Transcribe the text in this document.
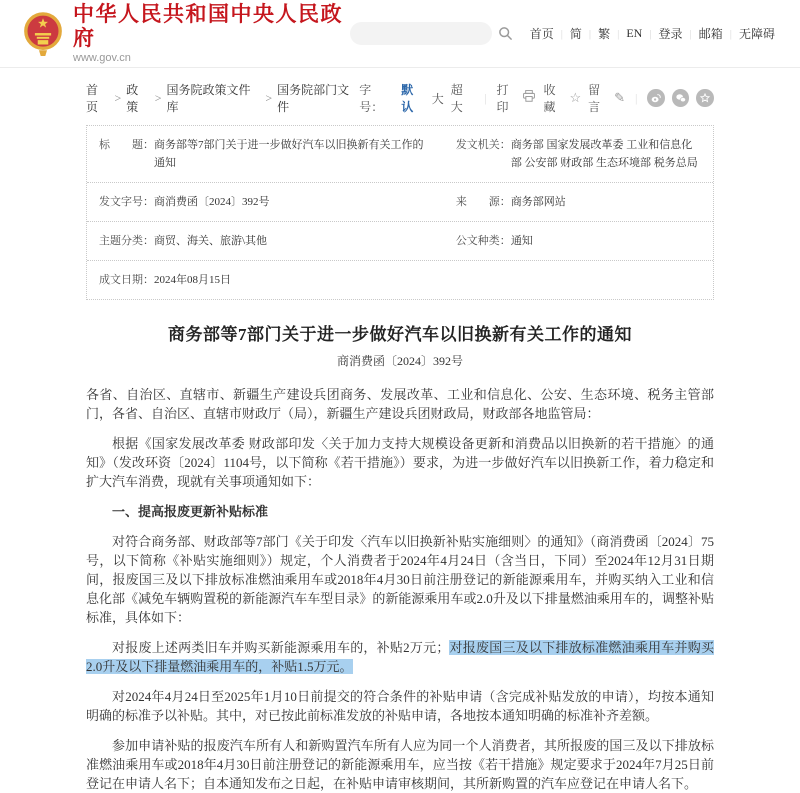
中华人民共和国中央人民政府
www.gov.cn
首页 | 简 | 繁 | EN | 登录 | 邮箱 | 无障碍
首页
>
政策
>
国务院政策文件库
>
国务院部门文件
字号：
默认
大
超大
|
打印
收藏
☆ 留言
✎ |
标　　题： 商务部等7部门关于进一步做好汽车以旧换新有关工作的通知
发文机关： 商务部 国家发展改革委 工业和信息化部 公安部 财政部 生态环境部 税务总局
发文字号： 商消费函〔2024〕392号	来　　源： 商务部网站
主题分类： 商贸、海关、旅游\其他	公文种类： 通知
成文日期： 2024年08月15日
商务部等7部门关于进一步做好汽车以旧换新有关工作的通知
商消费函〔2024〕392号

各省、自治区、直辖市、新疆生产建设兵团商务、发展改革、工业和信息化、公安、生态环境、税务主管部门，各省、自治区、直辖市财政厅（局），新疆生产建设兵团财政局，财政部各地监管局：

根据《国家发展改革委 财政部印发〈关于加力支持大规模设备更新和消费品以旧换新的若干措施〉的通知》（发改环资〔2024〕1104号，以下简称《若干措施》）要求，为进一步做好汽车以旧换新工作，着力稳定和扩大汽车消费，现就有关事项通知如下：

一、提高报废更新补贴标准

对符合商务部、财政部等7部门《关于印发〈汽车以旧换新补贴实施细则〉的通知》（商消费函〔2024〕75号，以下简称《补贴实施细则》）规定，个人消费者于2024年4月24日（含当日，下同）至2024年12月31日期间，报废国三及以下排放标准燃油乘用车或2018年4月30日前注册登记的新能源乘用车，并购买纳入工业和信息化部《减免车辆购置税的新能源汽车车型目录》的新能源乘用车或2.0升及以下排量燃油乘用车的，调整补贴标准，具体如下：

对报废上述两类旧车并购买新能源乘用车的，补贴2万元；对报废国三及以下排放标准燃油乘用车并购买2.0升及以下排量燃油乘用车的，补贴1.5万元。

对2024年4月24日至2025年1月10日前提交的符合条件的补贴申请（含完成补贴发放的申请），均按本通知明确的标准予以补贴。其中，对已按此前标准发放的补贴申请，各地按本通知明确的标准补齐差额。

参加申请补贴的报废汽车所有人和新购置汽车所有人应为同一个人消费者，其所报废的国三及以下排放标准燃油乘用车或2018年4月30日前注册登记的新能源乘用车，应当按《若干措施》规定要求于2024年7月25日前登记在申请人名下；自本通知发布之日起，在补贴申请审核期间，其所新购置的汽车应登记在申请人名下。
